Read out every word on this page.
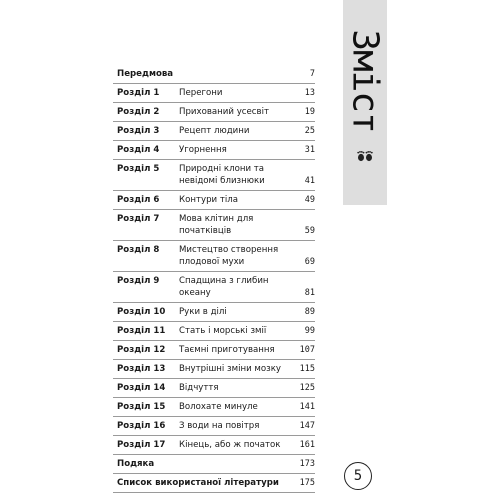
Зміст
Передмова	7
Розділ 1	Перегони	13
Розділ 2	Прихований усесвіт	19
Розділ 3	Рецепт людини	25
Розділ 4	Угорнення	31
Розділ 5	Природні клони та невідомі близнюки	41
Розділ 6	Контури тіла	49
Розділ 7	Мова клітин для початківців	59
Розділ 8	Мистецтво створення плодової мухи	69
Розділ 9	Спадщина з глибин океану	81
Розділ 10	Руки в ділі	89
Розділ 11	Стать і морські змії	99
Розділ 12	Таємні приготування	107
Розділ 13	Внутрішні зміни мозку	115
Розділ 14	Відчуття	125
Розділ 15	Волохате минуле	141
Розділ 16	З води на повітря	147
Розділ 17	Кінець, або ж початок	161
Подяка	173
Список використаної літератури	175	5
